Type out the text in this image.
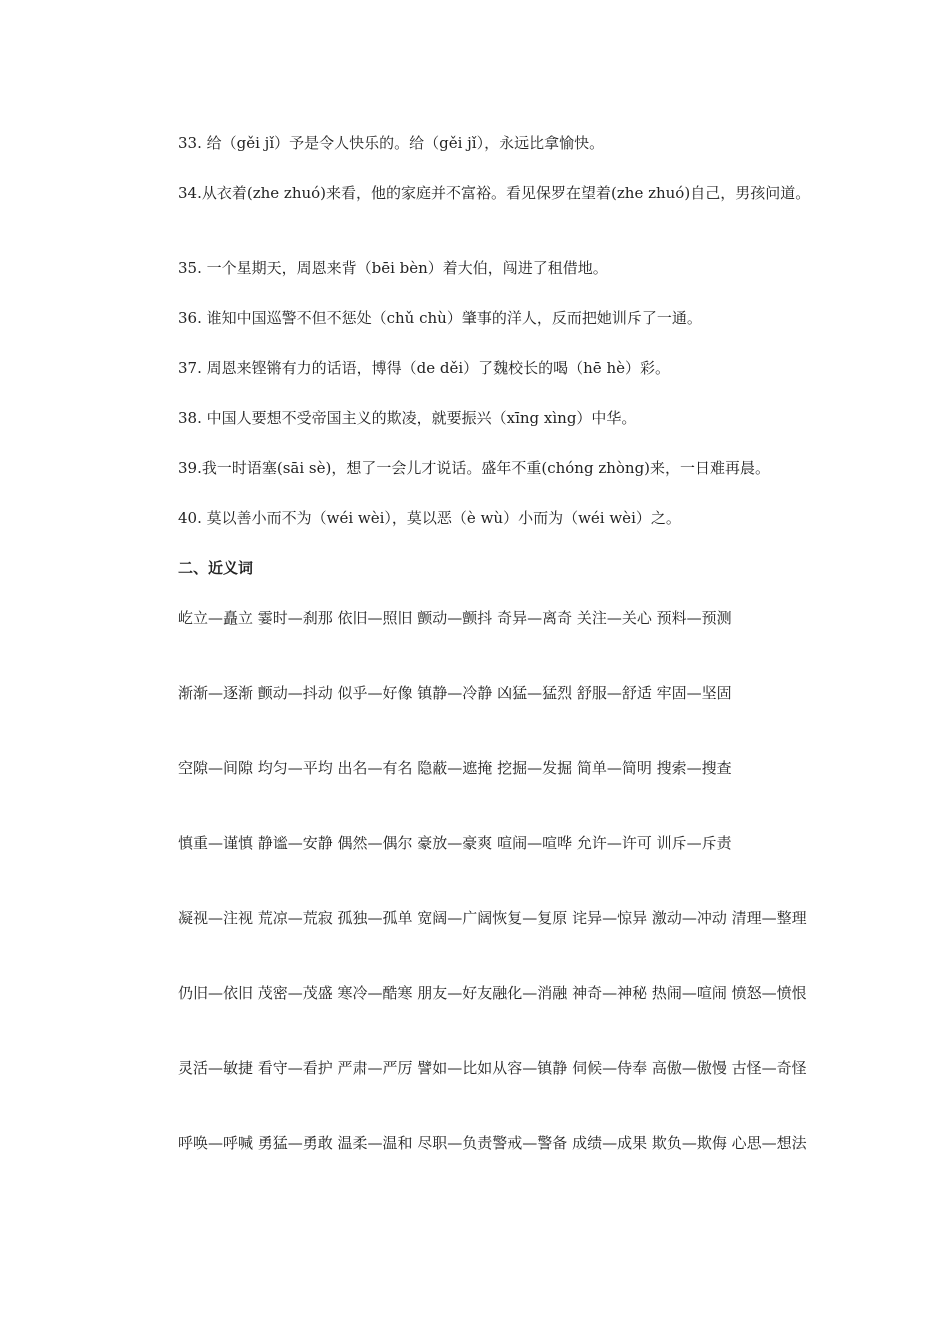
33. 给（gěi jǐ）予是令人快乐的。给（gěi jǐ），永远比拿愉快。
34.从衣着(zhe zhuó)来看，他的家庭并不富裕。看见保罗在望着(zhe zhuó)自己，男孩问道。
35. 一个星期天，周恩来背（bēi bèn）着大伯，闯进了租借地。
36. 谁知中国巡警不但不惩处（chǔ chù）肇事的洋人，反而把她训斥了一通。
37. 周恩来铿锵有力的话语，博得（de děi）了魏校长的喝（hē hè）彩。
38. 中国人要想不受帝国主义的欺凌，就要振兴（xīng xìng）中华。
39.我一时语塞(sāi sè)，想了一会儿才说话。盛年不重(chóng zhòng)来，一日难再晨。
40. 莫以善小而不为（wéi wèi），莫以恶（è wù）小而为（wéi wèi）之。
二、近义词
屹立—矗立 霎时—刹那 依旧—照旧 颤动—颤抖 奇异—离奇 关注—关心 预料—预测
渐渐—逐渐 颤动—抖动 似乎—好像 镇静—冷静 凶猛—猛烈 舒服—舒适 牢固—坚固
空隙—间隙 均匀—平均 出名—有名 隐蔽—遮掩 挖掘—发掘 简单—简明 搜索—搜查
慎重—谨慎 静谧—安静 偶然—偶尔 豪放—豪爽 喧闹—喧哗 允许—许可 训斥—斥责
凝视—注视 荒凉—荒寂 孤独—孤单 宽阔—广阔恢复—复原 诧异—惊异 激动—冲动 清理—整理
仍旧—依旧 茂密—茂盛 寒冷—酷寒 朋友—好友融化—消融 神奇—神秘 热闹—喧闹 愤怒—愤恨
灵活—敏捷 看守—看护 严肃—严厉 譬如—比如从容—镇静 伺候—侍奉 高傲—傲慢 古怪—奇怪
呼唤—呼喊 勇猛—勇敢 温柔—温和 尽职—负责警戒—警备 成绩—成果 欺负—欺侮 心思—想法
